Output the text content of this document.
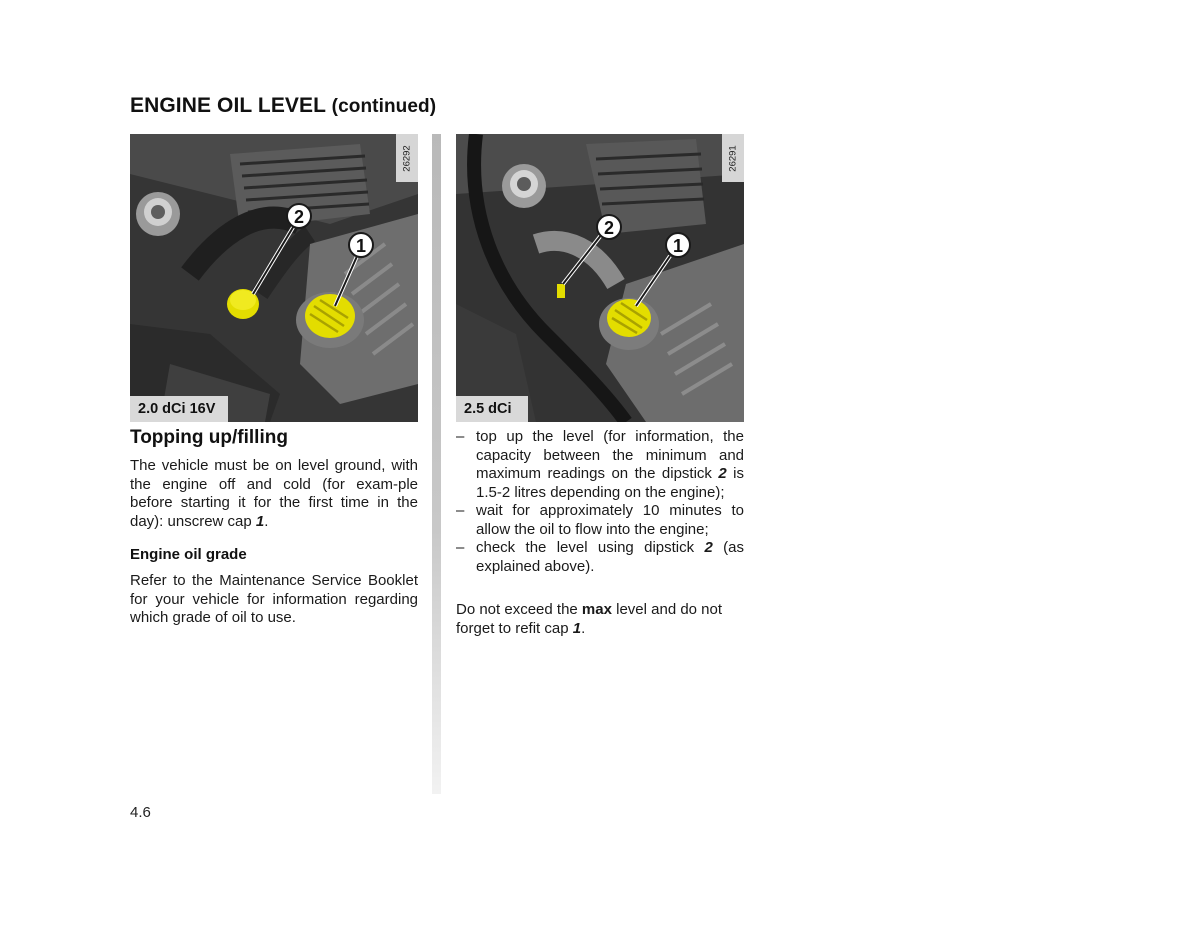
ENGINE OIL LEVEL (continued)
2
1
26292
2.0 dCi 16V
2
1
26291
2.5 dCi
Topping up/filling

The vehicle must be on level ground, with the engine off and cold (for exam-ple before starting it for the first time in the day): unscrew cap 1.

Engine oil grade

Refer to the Maintenance Service Booklet for your vehicle for information regarding which grade of oil to use.

– top up the level (for information, the capacity between the minimum and maximum readings on the dipstick 2 is 1.5-2 litres depending on the engine);
– wait for approximately 10 minutes to allow the oil to flow into the engine;
– check the level using dipstick 2 (as explained above).

Do not exceed the max level and do not forget to refit cap 1.

4.6
